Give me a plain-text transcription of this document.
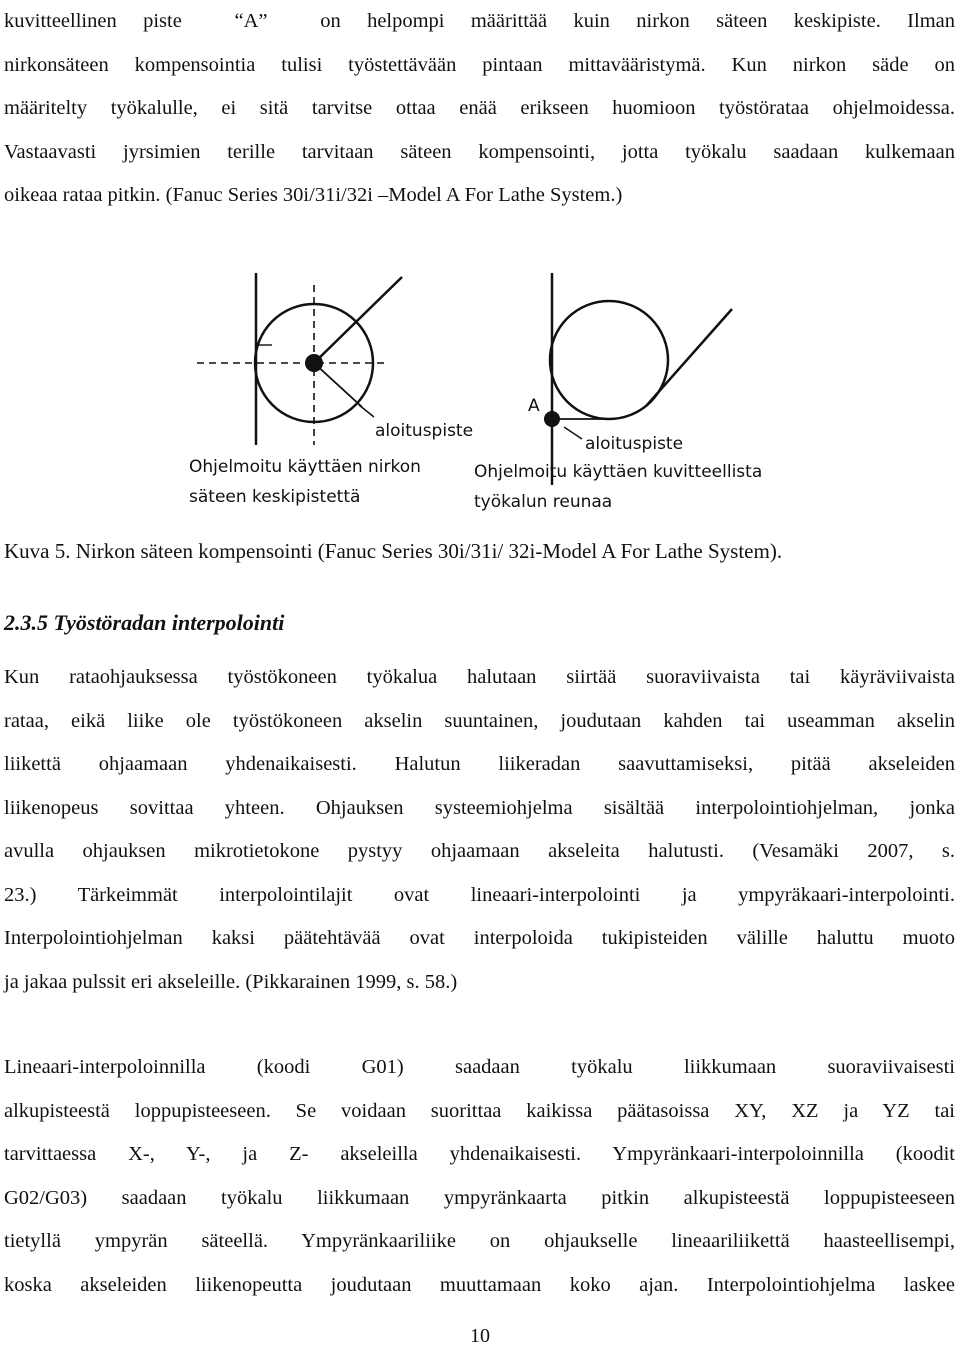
kuvitteellinen piste  “A”  on helpompi määrittää kuin nirkon säteen keskipiste. Ilman
nirkonsäteen kompensointia tulisi työstettävään pintaan mittavääristymä. Kun nirkon säde on
määritelty työkalulle, ei sitä tarvitse ottaa enää erikseen huomioon työstörataa ohjelmoidessa.
Vastaavasti jyrsimien terille tarvitaan säteen kompensointi, jotta työkalu saadaan kulkemaan
oikeaa rataa pitkin. (Fanuc Series 30i/31i/32i –Model A For Lathe System.)
aloituspiste
Ohjelmoitu käyttäen nirkon
säteen keskipistettä
A
aloituspiste
Ohjelmoitu käyttäen kuvitteellista
työkalun reunaa

Kuva 5. Nirkon säteen kompensointi (Fanuc Series 30i/31i/ 32i-Model A For Lathe System).

2.3.5 Työstöradan interpolointi
Kun rataohjauksessa työstökoneen työkalua halutaan siirtää suoraviivaista tai käyräviivaista
rataa, eikä liike ole työstökoneen akselin suuntainen, joudutaan kahden tai useamman akselin
liikettä ohjaamaan yhdenaikaisesti. Halutun liikeradan saavuttamiseksi, pitää akseleiden
liikenopeus sovittaa yhteen. Ohjauksen systeemiohjelma sisältää interpolointiohjelman, jonka
avulla ohjauksen mikrotietokone pystyy ohjaamaan akseleita halutusti. (Vesamäki 2007, s.
23.) Tärkeimmät interpolointilajit ovat lineaari-interpolointi ja ympyräkaari-interpolointi.
Interpolointiohjelman kaksi päätehtävää ovat interpoloida tukipisteiden välille haluttu muoto
ja jakaa pulssit eri akseleille. (Pikkarainen 1999, s. 58.)
Lineaari-interpoloinnilla (koodi G01) saadaan työkalu liikkumaan suoraviivaisesti
alkupisteestä loppupisteeseen. Se voidaan suorittaa kaikissa päätasoissa XY, XZ ja YZ tai
tarvittaessa X-, Y-, ja Z- akseleilla yhdenaikaisesti. Ympyränkaari-interpoloinnilla (koodit
G02/G03) saadaan työkalu liikkumaan ympyränkaarta pitkin alkupisteestä loppupisteeseen
tietyllä ympyrän säteellä. Ympyränkaariliike on ohjaukselle lineaariliikettä haasteellisempi,
koska akseleiden liikenopeutta joudutaan muuttamaan koko ajan. Interpolointiohjelma laskee

10
